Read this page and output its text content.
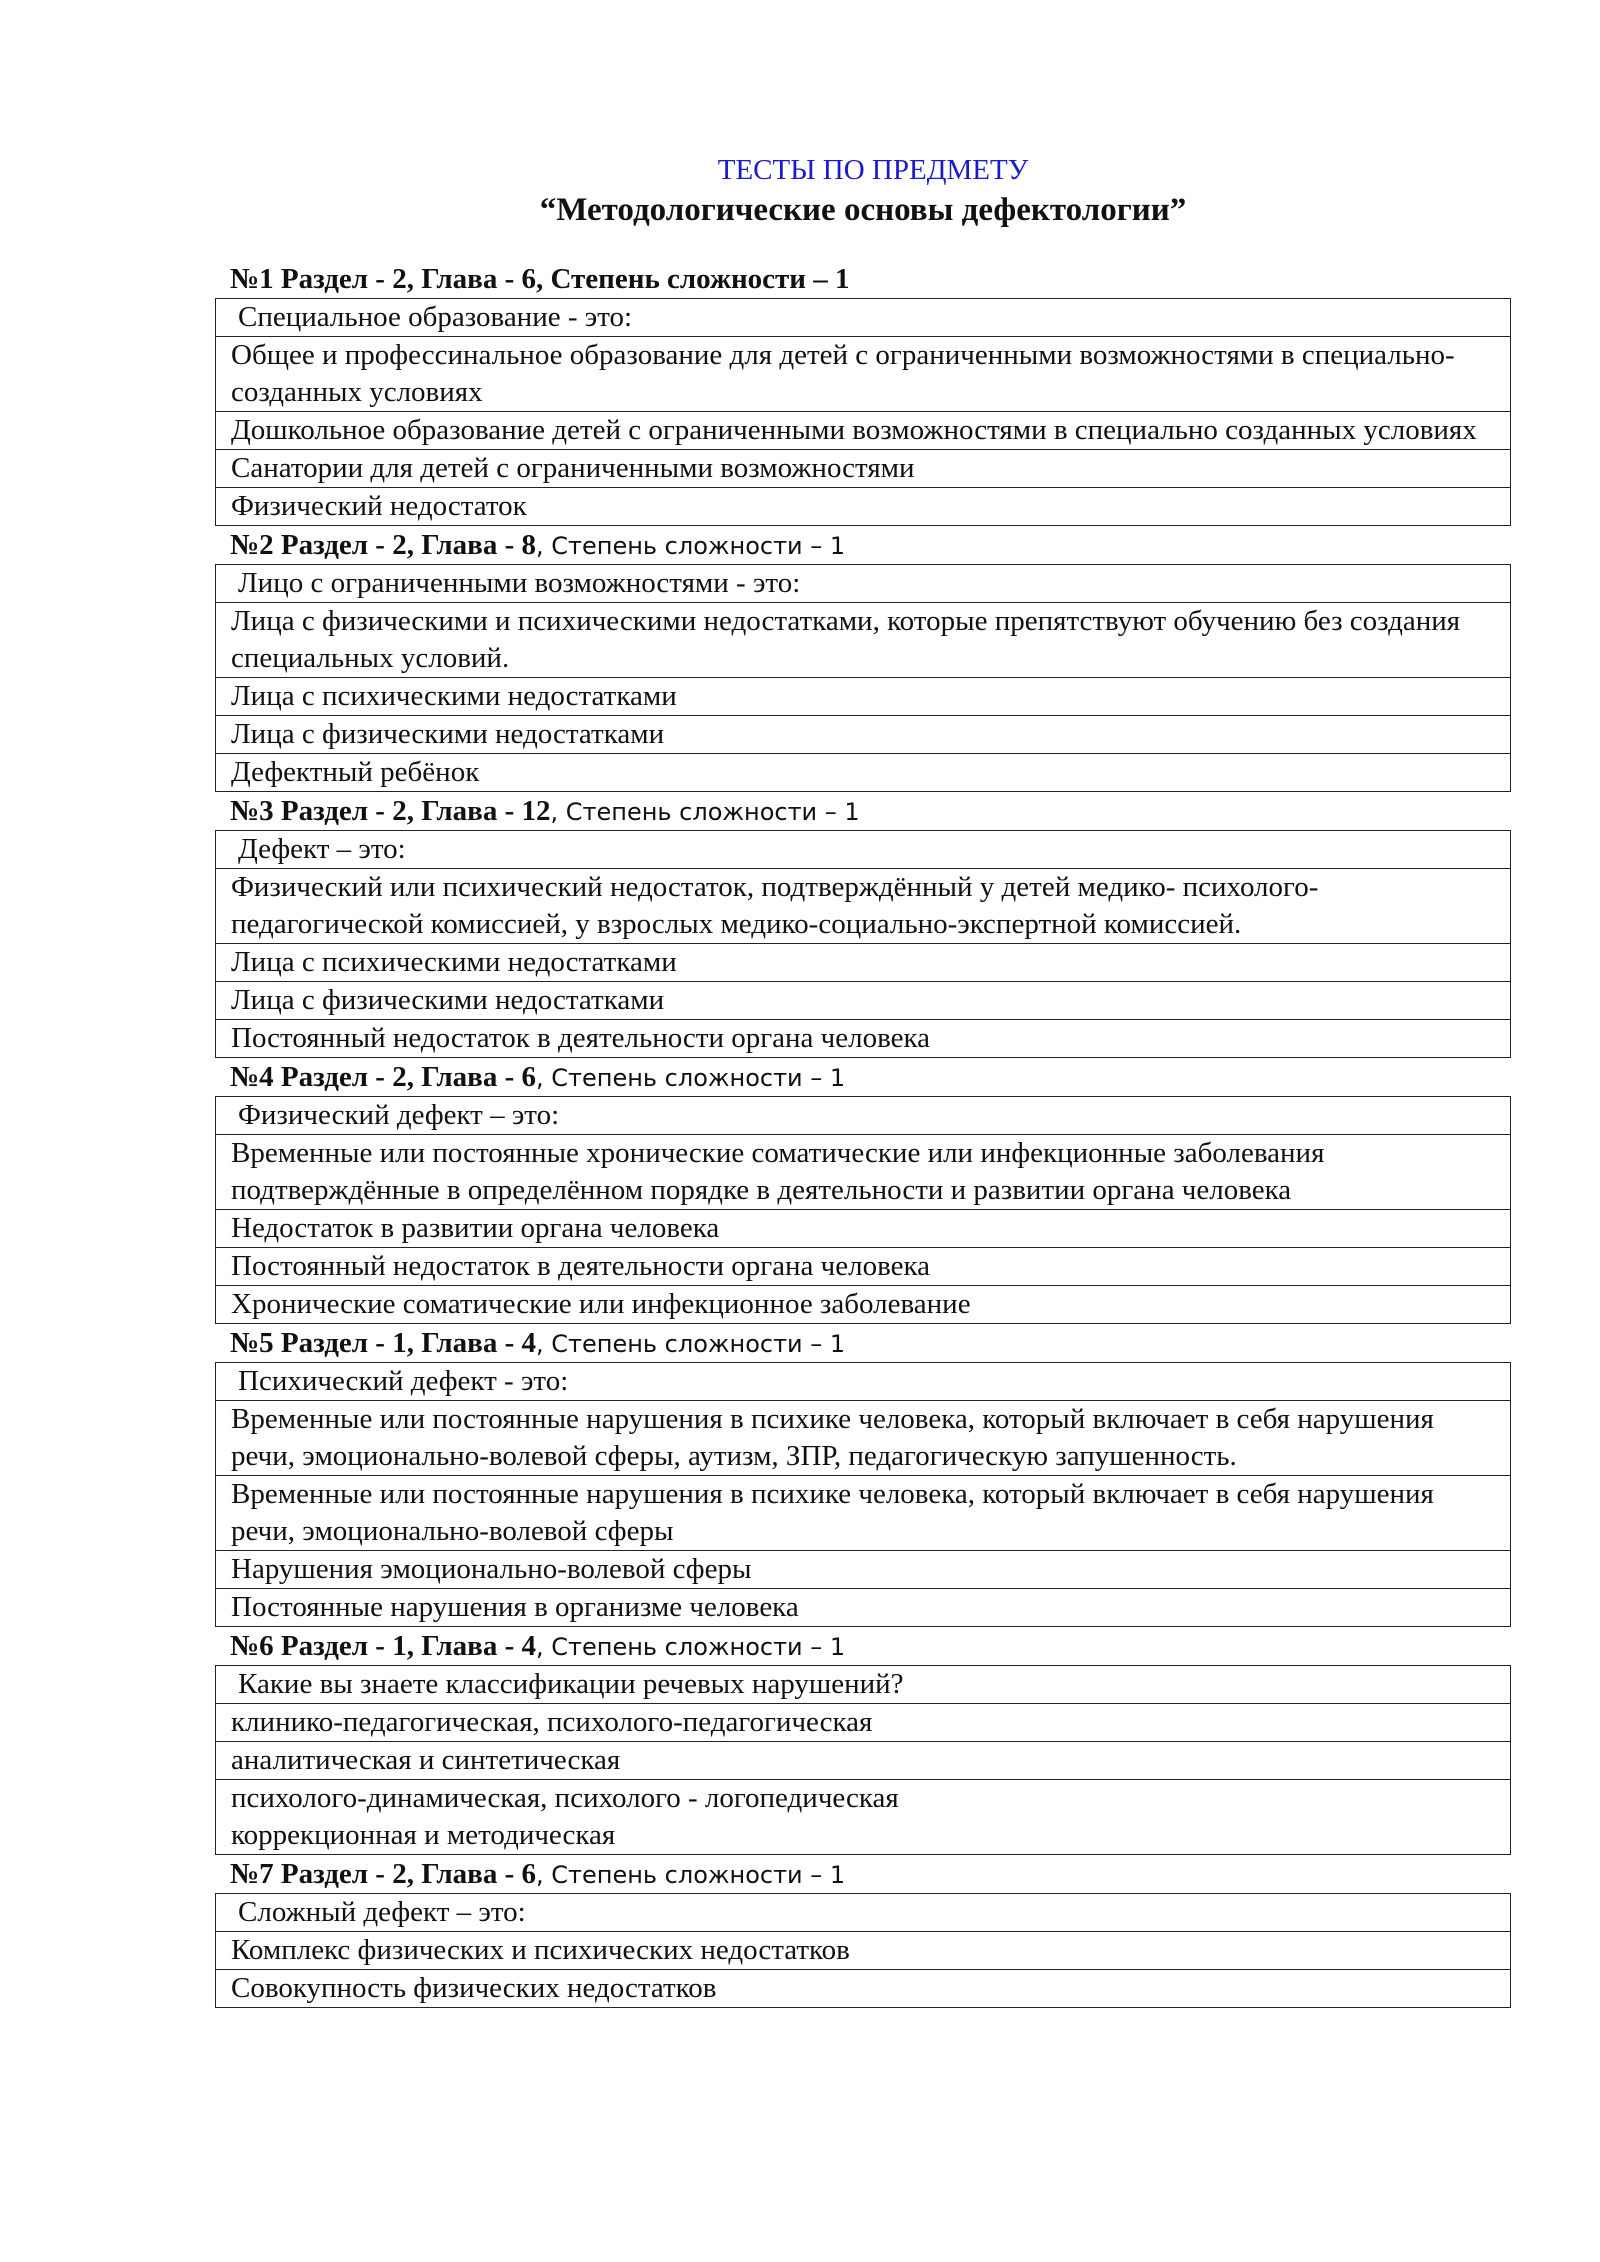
ТЕСТЫ ПО ПРЕДМЕТУ
“Методологические основы дефектологии”
№1 Раздел - 2, Глава - 6, Степень сложности – 1
Специальное образование - это:
Общее и профессинальное образование для детей с ограниченными возможностями в специально-созданных условиях
Дошкольное образование детей с ограниченными возможностями в специально созданных условиях
Санатории для детей с ограниченными возможностями
Физический недостаток
№2 Раздел - 2, Глава - 8, Степень сложности – 1
Лицо с ограниченными возможностями - это:
Лица с физическими и психическими недостатками, которые препятствуют обучению без создания специальных условий.
Лица с психическими недостатками
Лица с физическими недостатками
Дефектный ребёнок
№3 Раздел - 2, Глава - 12, Степень сложности – 1
Дефект – это:
Физический или психический недостаток, подтверждённый у детей медико- психолого-педагогической комиссией, у взрослых медико-социально-экспертной комиссией.
Лица с психическими недостатками
Лица с физическими недостатками
Постоянный недостаток в деятельности органа человека
№4 Раздел - 2, Глава - 6, Степень сложности – 1
Физический дефект – это:
Временные или постоянные хронические соматические или инфекционные заболевания подтверждённые в определённом порядке в деятельности и развитии органа человека
Недостаток в развитии органа человека
Постоянный недостаток в деятельности органа человека
Хронические соматические или инфекционное заболевание
№5 Раздел - 1, Глава - 4, Степень сложности – 1
Психический дефект - это:
Временные или постоянные нарушения в психике человека, который включает в себя нарушения речи, эмоционально-волевой сферы, аутизм, ЗПР, педагогическую запушенность.
Временные или постоянные нарушения в психике человека, который включает в себя нарушения речи, эмоционально-волевой сферы
Нарушения эмоционально-волевой сферы
Постоянные нарушения в организме человека
№6 Раздел - 1, Глава - 4, Степень сложности – 1
Какие вы знаете классификации речевых нарушений?
клинико-педагогическая, психолого-педагогическая
аналитическая и синтетическая
психолого-динамическая, психолого - логопедическая
коррекционная и методическая
№7 Раздел - 2, Глава - 6, Степень сложности – 1
Сложный дефект – это:
Комплекс физических и психических недостатков
Совокупность физических недостатков
